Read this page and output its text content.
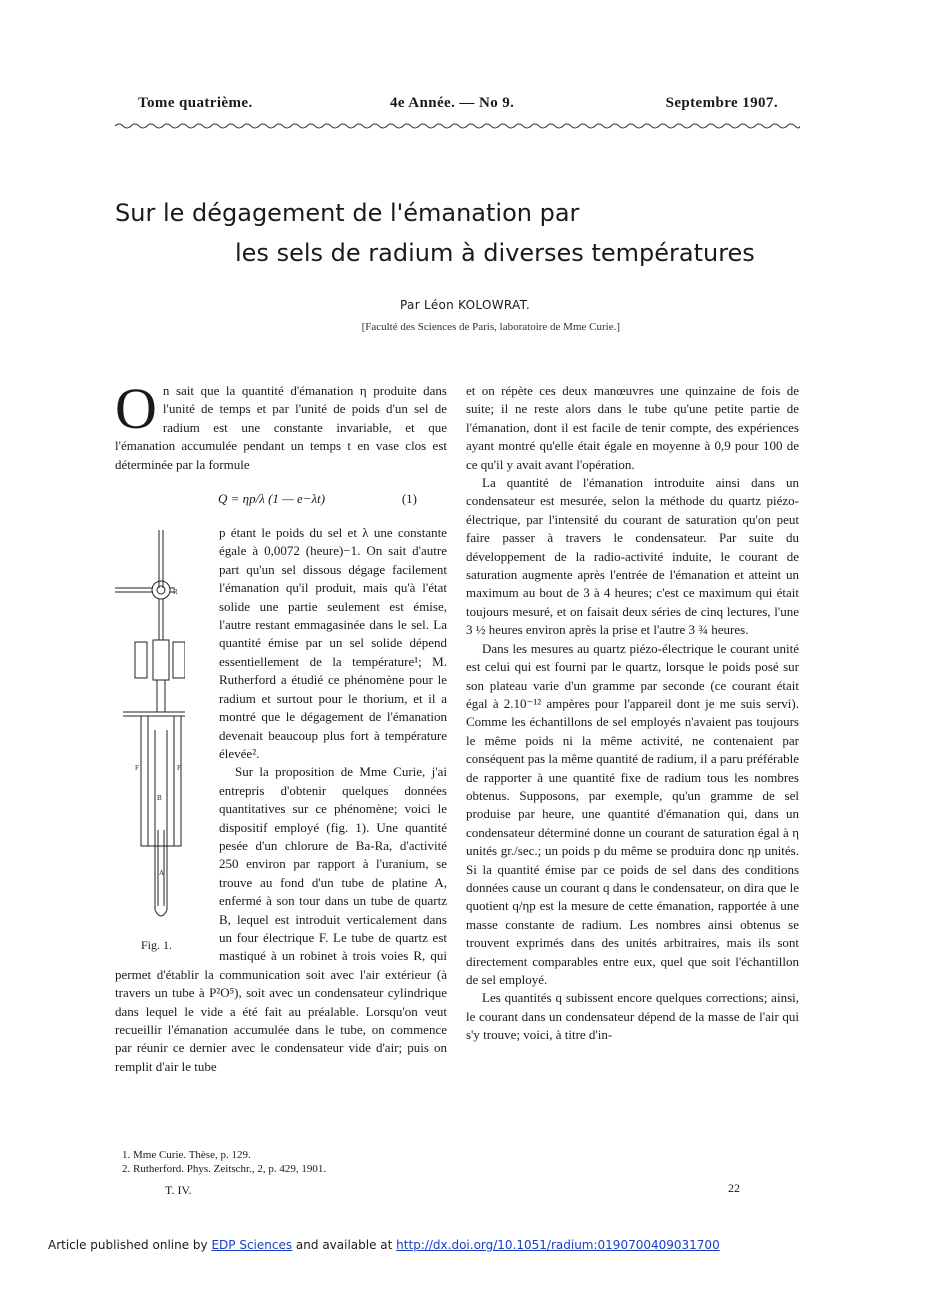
Tome quatrième.	4e Année. — No 9.	Septembre 1907.
Sur le dégagement de l'émanation par
les sels de radium à diverses températures
Par Léon KOLOWRAT.
[Faculté des Sciences de Paris, laboratoire de Mme Curie.]

On sait que la quantité d'émanation η produite dans l'unité de temps et par l'unité de poids d'un sel de radium est une constante invariable, et que l'émanation accumulée pendant un temps t en vase clos est déterminée par la formule

Q = ηp/λ (1 — e−λt)	(1)
R
F	F
B
A
Fig. 1.

p étant le poids du sel et λ une constante égale à 0,0072 (heure)−1. On sait d'autre part qu'un sel dissous dégage facilement l'émanation qu'il produit, mais qu'à l'état solide une partie seulement est émise, l'autre restant emmagasinée dans le sel. La quantité émise par un sel solide dépend essentiellement de la température¹; M. Rutherford a étudié ce phénomène pour le radium et surtout pour le thorium, et il a montré que le dégagement de l'émanation devenait beaucoup plus fort à température élevée².

Sur la proposition de Mme Curie, j'ai entrepris d'obtenir quelques données quantitatives sur ce phénomène; voici le dispositif employé (fig. 1). Une quantité pesée d'un chlorure de Ba-Ra, d'activité 250 environ par rapport à l'uranium, se trouve au fond d'un tube de platine A, enfermé à son tour dans un tube de quartz B, lequel est introduit verticalement dans un four électrique F. Le tube de quartz est mastiqué à un robinet à trois voies R, qui permet d'établir la communication soit avec l'air extérieur (à travers un tube à P²O⁵), soit avec un condensateur cylindrique dans lequel le vide a été fait au préalable. Lorsqu'on veut recueillir l'émanation accumulée dans le tube, on commence par réunir ce dernier avec le condensateur vide d'air; puis on remplit d'air le tube

et on répète ces deux manœuvres une quinzaine de fois de suite; il ne reste alors dans le tube qu'une petite partie de l'émanation, dont il est facile de tenir compte, des expériences ayant montré qu'elle était égale en moyenne à 0,9 pour 100 de ce qu'il y avait avant l'opération.

La quantité de l'émanation introduite ainsi dans un condensateur est mesurée, selon la méthode du quartz piézo-électrique, par l'intensité du courant de saturation qu'on peut faire passer à travers le condensateur. Par suite du développement de la radio-activité induite, le courant de saturation augmente après l'entrée de l'émanation et atteint un maximum au bout de 3 à 4 heures; c'est ce maximum qui était toujours mesuré, et on faisait deux séries de cinq lectures, l'une 3 ½ heures environ après la prise et l'autre 3 ¾ heures.

Dans les mesures au quartz piézo-électrique le courant unité est celui qui est fourni par le quartz, lorsque le poids posé sur son plateau varie d'un gramme par seconde (ce courant était égal à 2.10⁻¹² ampères pour l'appareil dont je me suis servi). Comme les échantillons de sel employés n'avaient pas toujours le même poids ni la même activité, ne contenaient par conséquent pas la même quantité de radium, il a paru préférable de rapporter à une quantité fixe de radium tous les nombres obtenus. Supposons, par exemple, qu'un gramme de sel produise par heure, une quantité d'émanation qui, dans un condensateur déterminé donne un courant de saturation égal à η unités gr./sec.; un poids p du même se produira donc ηp unités. Si la quantité émise par ce poids de sel dans des conditions données cause un courant q dans le condensateur, on dira que le quotient q/ηp est la mesure de cette émanation, rapportée à une masse constante de radium. Les nombres ainsi obtenus se trouvent exprimés dans des unités arbitraires, mais ils sont directement comparables entre eux, quel que soit l'échantillon de sel employé.

Les quantités q subissent encore quelques corrections; ainsi, le courant dans un condensateur dépend de la masse de l'air qui s'y trouve; voici, à titre d'in-

1. Mme Curie. Thèse, p. 129.
2. Rutherford. Phys. Zeitschr., 2, p. 429, 1901.
T. IV.	22
Article published online by EDP Sciences and available at http://dx.doi.org/10.1051/radium:0190700409031700
